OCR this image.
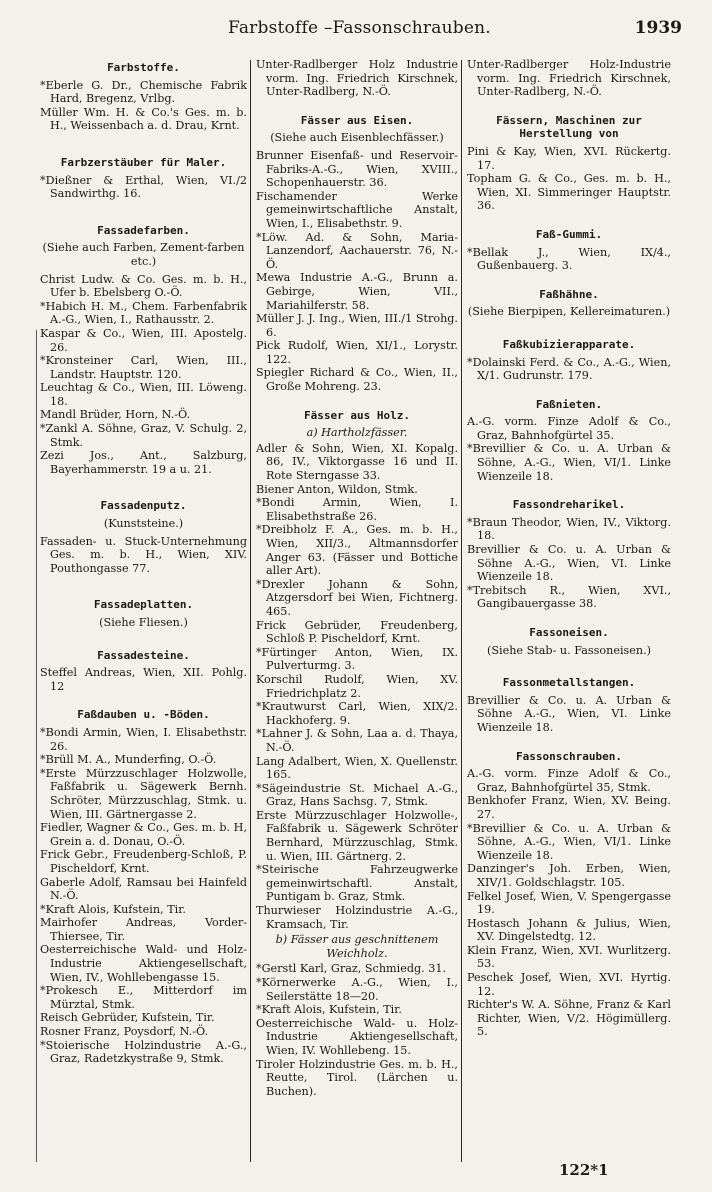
Farbstoffe –Fassonschrauben.	1939
Farbstoffe.

*Eberle G. Dr., Chemische Fabrik Hard, Bregenz, Vrlbg.

Müller Wm. H. & Co.'s Ges. m. b. H., Weissenbach a. d. Drau, Krnt.

Farbzerstäuber für Maler.

*Dießner & Erthal, Wien, VI./2 Sandwirthg. 16.

Fassadefarben.
(Siehe auch Farben, Zement-farben etc.)

Christ Ludw. & Co. Ges. m. b. H., Ufer b. Ebelsberg O.-Ö.

*Habich H. M., Chem. Farbenfabrik A.-G., Wien, I., Rathausstr. 2.

Kaspar & Co., Wien, III. Apostelg. 26.

*Kronsteiner Carl, Wien, III., Landstr. Hauptstr. 120.

Leuchtag & Co., Wien, III. Löweng. 18.

Mandl Brüder, Horn, N.-Ö.

*Zankl A. Söhne, Graz, V. Schulg. 2, Stmk.

Zezi Jos., Ant., Salzburg, Bayerhammerstr. 19 a u. 21.

Fassadenputz.
(Kunststeine.)

Fassaden- u. Stuck-Unternehmung Ges. m. b. H., Wien, XIV. Pouthongasse 77.

Fassadeplatten.
(Siehe Fliesen.)
Fassadesteine.

Steffel Andreas, Wien, XII. Pohlg. 12

Faßdauben u. -Böden.

*Bondi Armin, Wien, I. Elisabethstr. 26.

*Brüll M. A., Munderfing, O.-Ö.

*Erste Mürzzuschlager Holzwolle, Faßfabrik u. Sägewerk Bernh. Schröter, Mürzzuschlag, Stmk. u. Wien, III. Gärtnergasse 2.

Fiedler, Wagner & Co., Ges. m. b. H, Grein a. d. Donau, O.-Ö.

Frick Gebr., Freudenberg-Schloß, P. Pischeldorf, Krnt.

Gaberle Adolf, Ramsau bei Hainfeld N.-Ö.

*Kraft Alois, Kufstein, Tir.

Mairhofer Andreas, Vorder-Thiersee, Tir.

Oesterreichische Wald- und Holz-Industrie Aktiengesellschaft, Wien, IV., Wohllebengasse 15.

*Prokesch E., Mitterdorf im Mürztal, Stmk.

Reisch Gebrüder, Kufstein, Tir.

Rosner Franz, Poysdorf, N.-Ö.

*Stoierische Holzindustrie A.-G., Graz, Radetzkystraße 9, Stmk.

Unter-Radlberger Holz Industrie vorm. Ing. Friedrich Kirschnek, Unter-Radlberg, N.-Ö.

Fässer aus Eisen.
(Siehe auch Eisenblechfässer.)

Brunner Eisenfaß- und Reservoir-Fabriks-A.-G., Wien, XVIII., Schopenhauerstr. 36.

Fischamender Werke gemeinwirtschaftliche Anstalt, Wien, I., Elisabethstr. 9.

*Löw. Ad. & Sohn, Maria-Lanzendorf, Aachauerstr. 76, N.-Ö.

Mewa Industrie A.-G., Brunn a. Gebirge, Wien, VII., Mariahilferstr. 58.

Müller J. J. Ing., Wien, III./1 Strohg. 6.

Pick Rudolf, Wien, XI/1., Lorystr. 122.

Spiegler Richard & Co., Wien, II., Große Mohreng. 23.

Fässer aus Holz.
a) Hartholzfässer.

Adler & Sohn, Wien, XI. Kopalg. 86, IV., Viktorgasse 16 und II. Rote Sterngasse 33.

Biener Anton, Wildon, Stmk.

*Bondi Armin, Wien, I. Elisabethstraße 26.

*Dreibholz F. A., Ges. m. b. H., Wien, XII/3., Altmannsdorfer Anger 63. (Fässer und Bottiche aller Art).

*Drexler Johann & Sohn, Atzgersdorf bei Wien, Fichtnerg. 465.

Frick Gebrüder, Freudenberg, Schloß P. Pischeldorf, Krnt.

*Fürtinger Anton, Wien, IX. Pulverturmg. 3.

Korschil Rudolf, Wien, XV. Friedrichplatz 2.

*Krautwurst Carl, Wien, XIX/2. Hackhoferg. 9.

*Lahner J. & Sohn, Laa a. d. Thaya, N.-Ö.

Lang Adalbert, Wien, X. Quellenstr. 165.

*Sägeindustrie St. Michael A.-G., Graz, Hans Sachsg. 7, Stmk.

Erste Mürzzuschlager Holzwolle-, Faßfabrik u. Sägewerk Schröter Bernhard, Mürzzuschlag, Stmk. u. Wien, III. Gärtnerg. 2.

*Steirische Fahrzeugwerke gemeinwirtschaftl. Anstalt, Puntigam b. Graz, Stmk.

Thurwieser Holzindustrie A.-G., Kramsach, Tir.

b) Fässer aus geschnittenem Weichholz.

*Gerstl Karl, Graz, Schmiedg. 31.

*Körnerwerke A.-G., Wien, I., Seilerstätte 18—20.

*Kraft Alois, Kufstein, Tir.

Oesterreichische Wald- u. Holz-Industrie Aktiengesellschaft, Wien, IV. Wohllebeng. 15.

Tiroler Holzindustrie Ges. m. b. H., Reutte, Tirol. (Lärchen u. Buchen).

Unter-Radlberger Holz-Industrie vorm. Ing. Friedrich Kirschnek, Unter-Radlberg, N.-Ö.

Fässern, Maschinen zur Herstellung von

Pini & Kay, Wien, XVI. Rückertg. 17.

Topham G. & Co., Ges. m. b. H., Wien, XI. Simmeringer Hauptstr. 36.

Faß-Gummi.

*Bellak J., Wien, IX/4., Gußenbauerg. 3.

Faßhähne.
(Siehe Bierpipen, Kellereimaturen.)
Faßkubizierapparate.

*Dolainski Ferd. & Co., A.-G., Wien, X/1. Gudrunstr. 179.

Faßnieten.

A.-G. vorm. Finze Adolf & Co., Graz, Bahnhofgürtel 35.

*Brevillier & Co. u. A. Urban & Söhne, A.-G., Wien, VI/1. Linke Wienzeile 18.

Fassondreharikel.

*Braun Theodor, Wien, IV., Viktorg. 18.

Brevillier & Co. u. A. Urban & Söhne A.-G., Wien, VI. Linke Wienzeile 18.

*Trebitsch R., Wien, XVI., Gangibauergasse 38.

Fassoneisen.
(Siehe Stab- u. Fassoneisen.)
Fassonmetallstangen.

Brevillier & Co. u. A. Urban & Söhne A.-G., Wien, VI. Linke Wienzeile 18.

Fassonschrauben.

A.-G. vorm. Finze Adolf & Co., Graz, Bahnhofgürtel 35, Stmk.

Benkhofer Franz, Wien, XV. Being. 27.

*Brevillier & Co. u. A. Urban & Söhne, A.-G., Wien, VI/1. Linke Wienzeile 18.

Danzinger's Joh. Erben, Wien, XIV/1. Goldschlagstr. 105.

Felkel Josef, Wien, V. Spengergasse 19.

Hostasch Johann & Julius, Wien, XV. Dingelstedtg. 12.

Klein Franz, Wien, XVI. Wurlitzerg. 53.

Peschek Josef, Wien, XVI. Hyrtig. 12.

Richter's W. A. Söhne, Franz & Karl Richter, Wien, V/2. Högimüllerg. 5.

122*1
